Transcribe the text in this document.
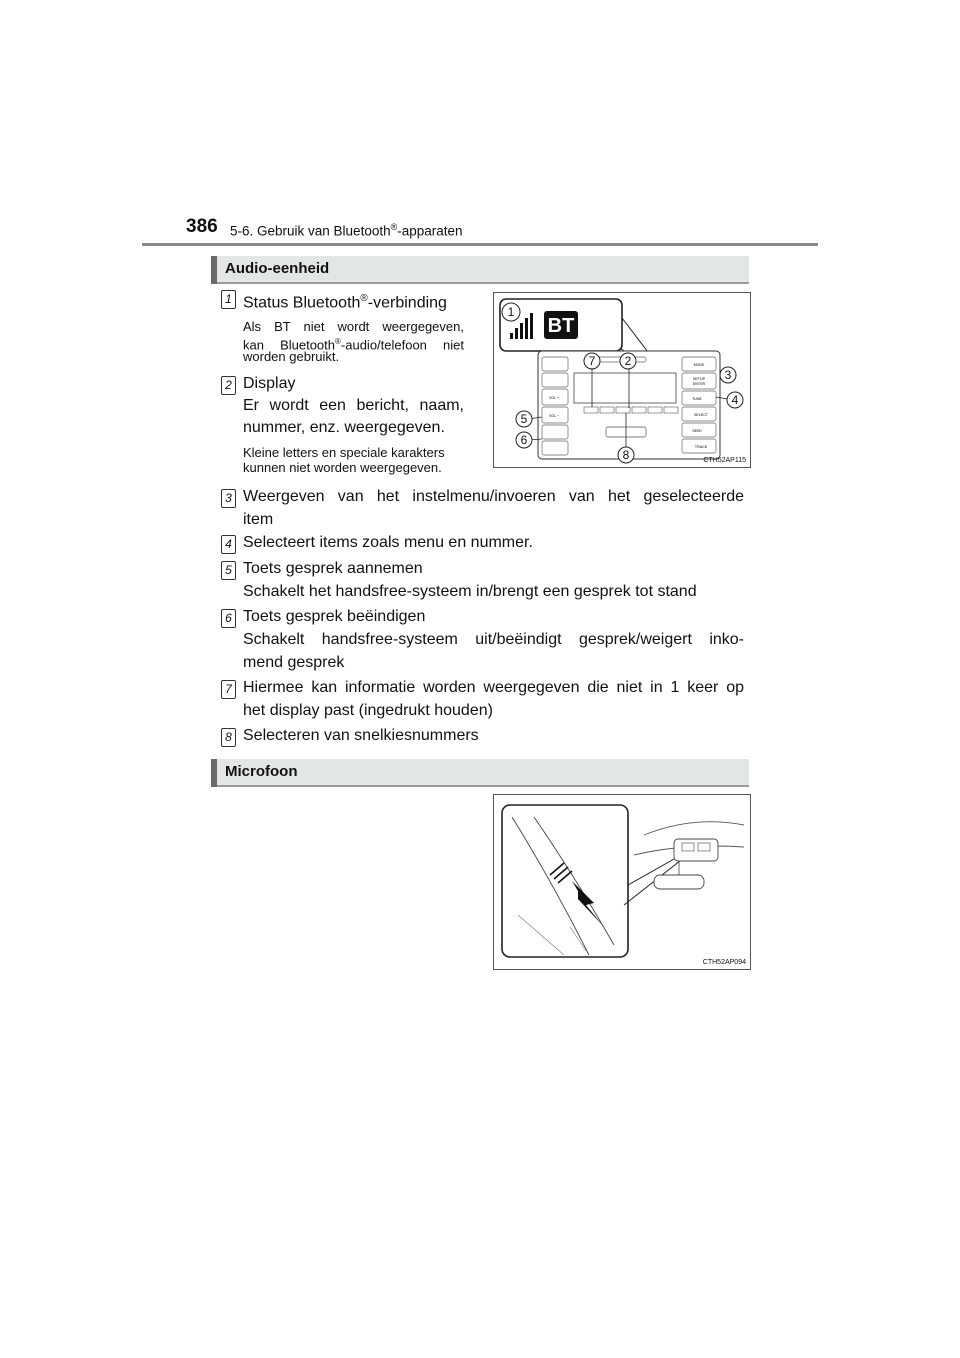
386 5-6. Gebruik van Bluetooth®-apparaten
Audio-eenheid
1 Status Bluetooth®-verbinding
Als BT niet wordt weergegeven,
kan Bluetooth®-audio/telefoon niet
worden gebruikt.
2 Display
Er wordt een bericht, naam,
nummer, enz. weergegeven.
Kleine letters en speciale karakters
kunnen niet worden weergegeven.
BT
VOL +
VOL −
MODE
SETUP
ENTER
TUNE
SELECT
SEEK
TRACK
1
2
3
4
5
6
7
8	CTH52AP115
3 Weergeven van het instelmenu/invoeren van het geselecteerde
item
4 Selecteert items zoals menu en nummer.
5 Toets gesprek aannemen
Schakelt het handsfree-systeem in/brengt een gesprek tot stand
6 Toets gesprek beëindigen
Schakelt handsfree-systeem uit/beëindigt gesprek/weigert inko-
mend gesprek
7 Hiermee kan informatie worden weergegeven die niet in 1 keer op
het display past (ingedrukt houden)
8 Selecteren van snelkiesnummers
Microfoon
CTH52AP094
